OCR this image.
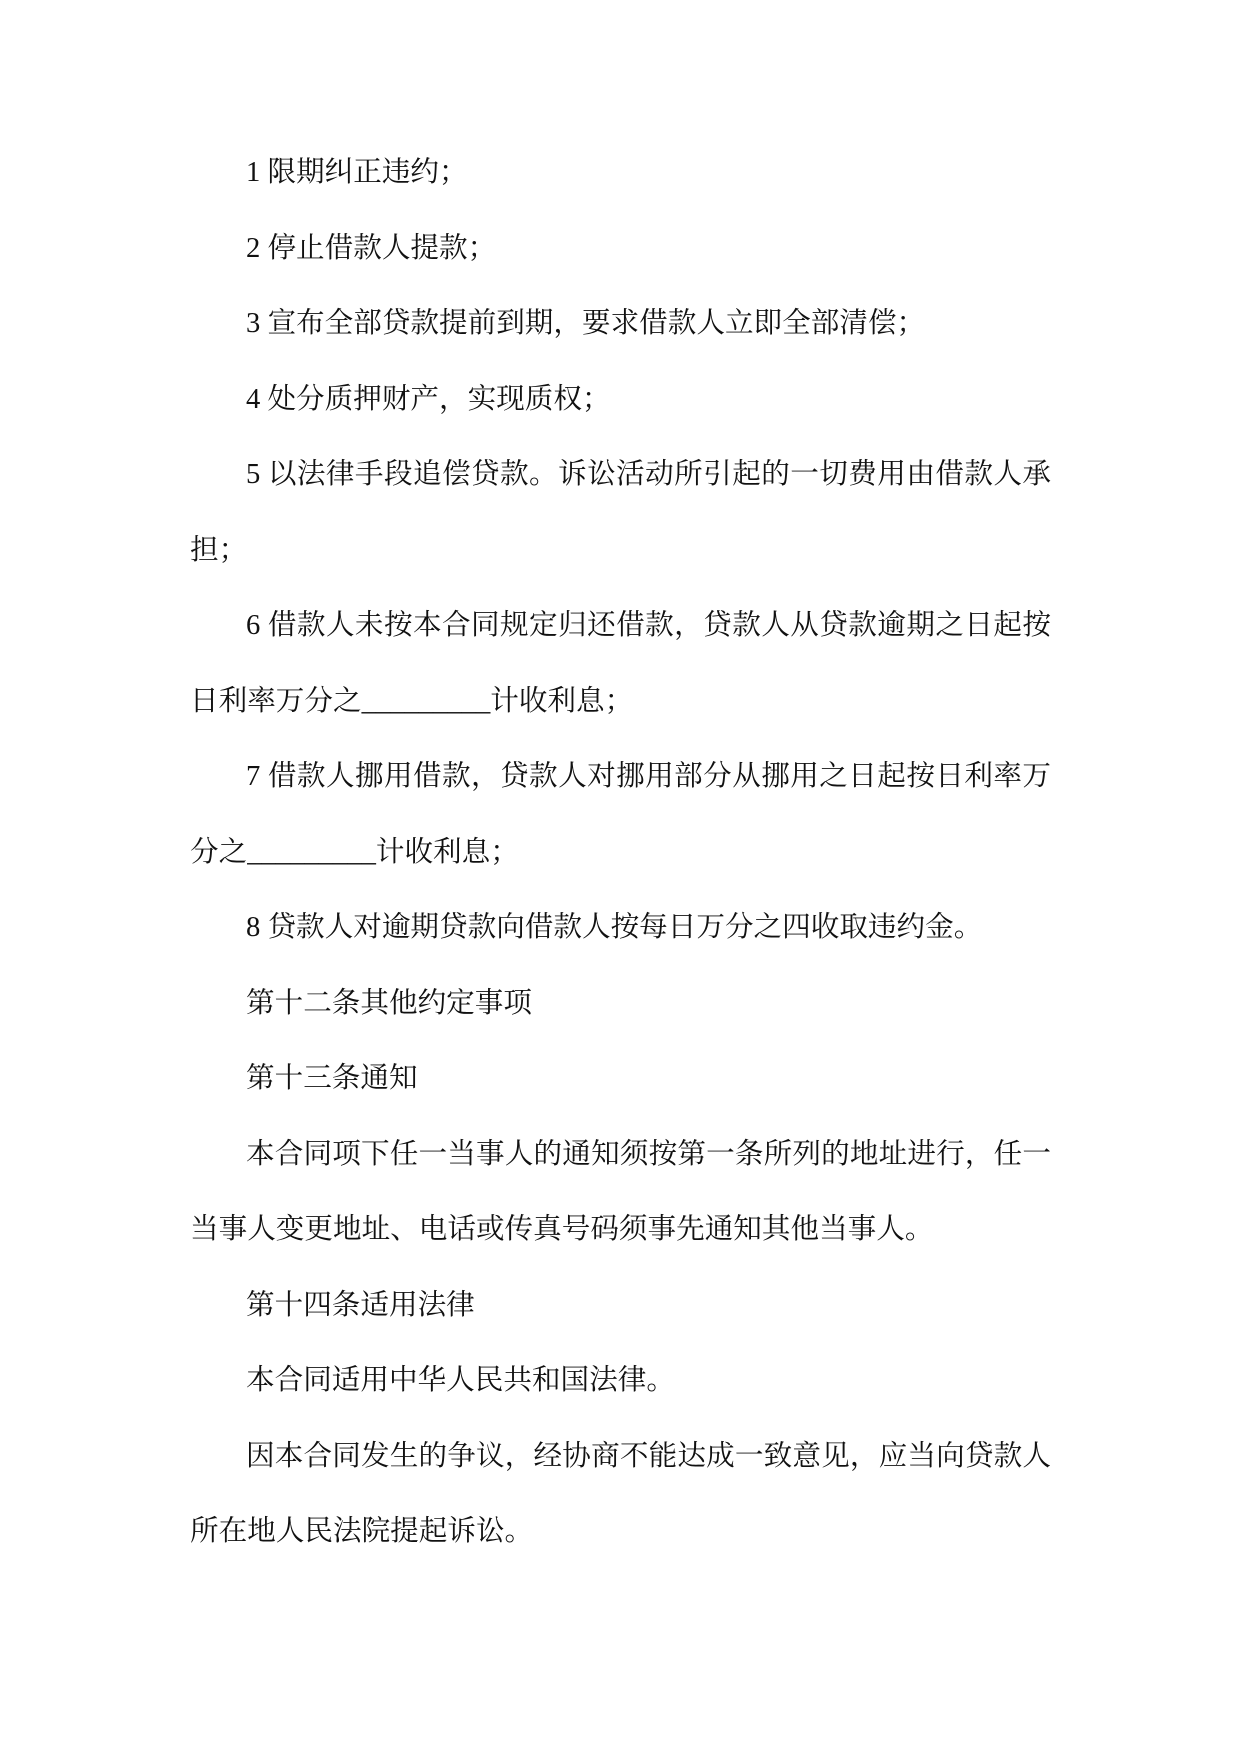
1 限期纠正违约；
2 停止借款人提款；
3 宣布全部贷款提前到期，要求借款人立即全部清偿；
4 处分质押财产，实现质权；
5 以法律手段追偿贷款。诉讼活动所引起的一切费用由借款人承
担；
6 借款人未按本合同规定归还借款，贷款人从贷款逾期之日起按
日利率万分之_________计收利息；
7 借款人挪用借款，贷款人对挪用部分从挪用之日起按日利率万
分之_________计收利息；
8 贷款人对逾期贷款向借款人按每日万分之四收取违约金。
第十二条其他约定事项
第十三条通知
本合同项下任一当事人的通知须按第一条所列的地址进行，任一
当事人变更地址、电话或传真号码须事先通知其他当事人。
第十四条适用法律
本合同适用中华人民共和国法律。
因本合同发生的争议，经协商不能达成一致意见，应当向贷款人
所在地人民法院提起诉讼。
